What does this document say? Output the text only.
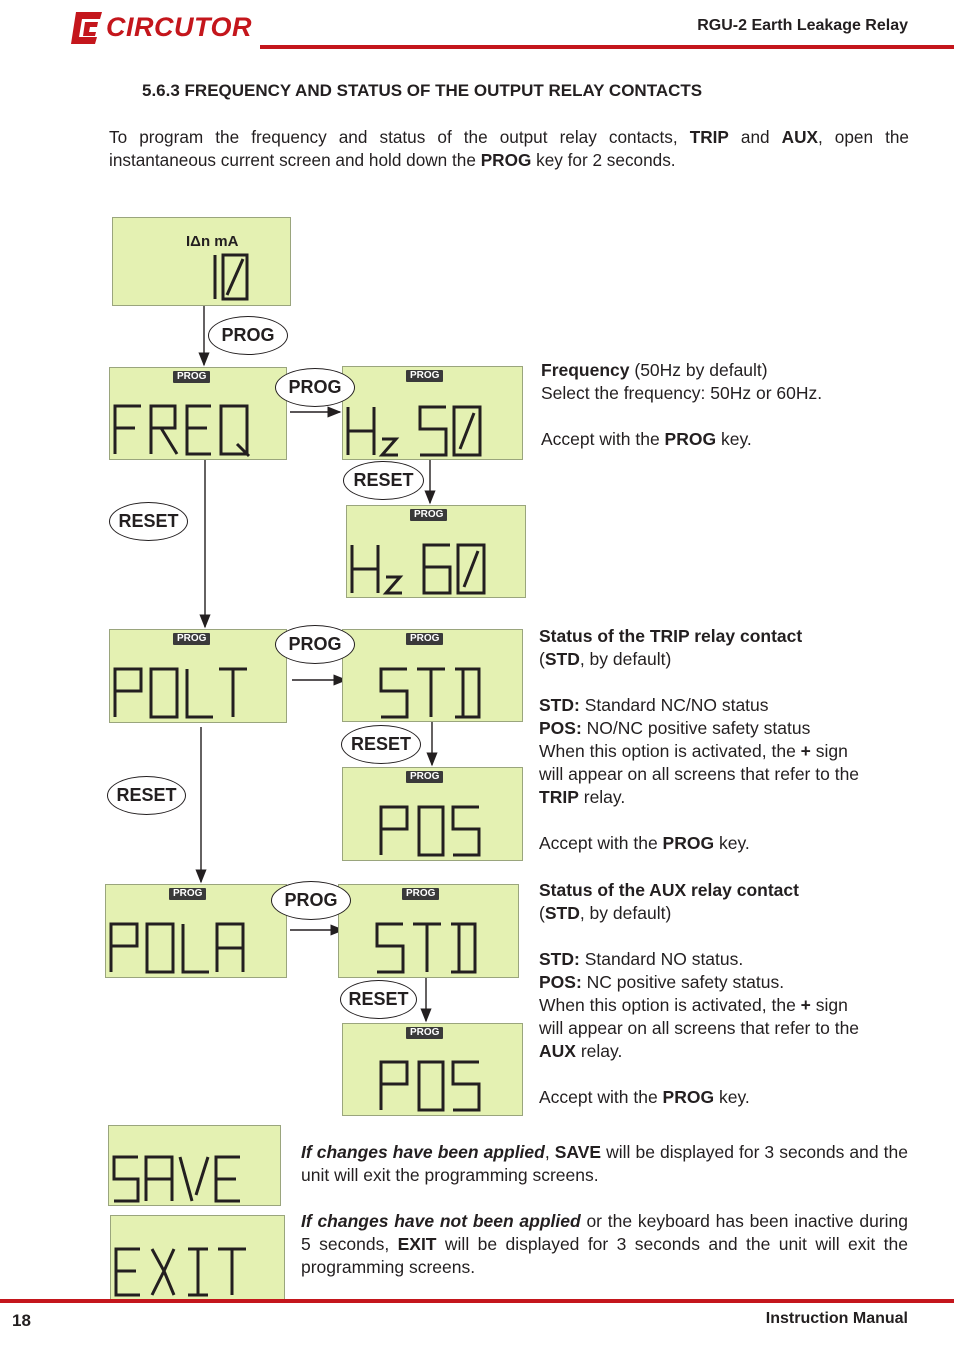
CIRCUTOR	RGU-2 Earth Leakage Relay
5.6.3 FREQUENCY AND STATUS OF THE OUTPUT RELAY CONTACTS
To program the frequency and status of the output relay contacts, TRIP and AUX, open the instantaneous current screen and hold down the PROG key for 2 seconds.
IΔn mA
PROG	PROG
PROG
PROG	PROG
PROG
PROG	PROG
PROG
PROG
PROG
RESET
RESET
PROG
RESET
RESET
PROG
RESET

Frequency (50Hz by default)

Select the frequency: 50Hz or 60Hz.

Accept with the PROG key.

Status of the TRIP relay contact

(STD, by default)

STD: Standard NC/NO status

POS: NO/NC positive safety status

When this option is activated, the + sign

will appear on all screens that refer to the

TRIP relay.

Accept with the PROG key.

Status of the AUX relay contact

(STD, by default)

STD: Standard NO status.

POS: NC positive safety status.

When this option is activated, the + sign

will appear on all screens that refer to the

AUX relay.

Accept with the PROG key.

If changes have been applied, SAVE will be displayed for 3 seconds and the unit will exit the programming screens.
If changes have not been applied or the keyboard has been inactive during 5 seconds, EXIT will be displayed for 3 seconds and the unit will exit the programming screens.
18	Instruction Manual
